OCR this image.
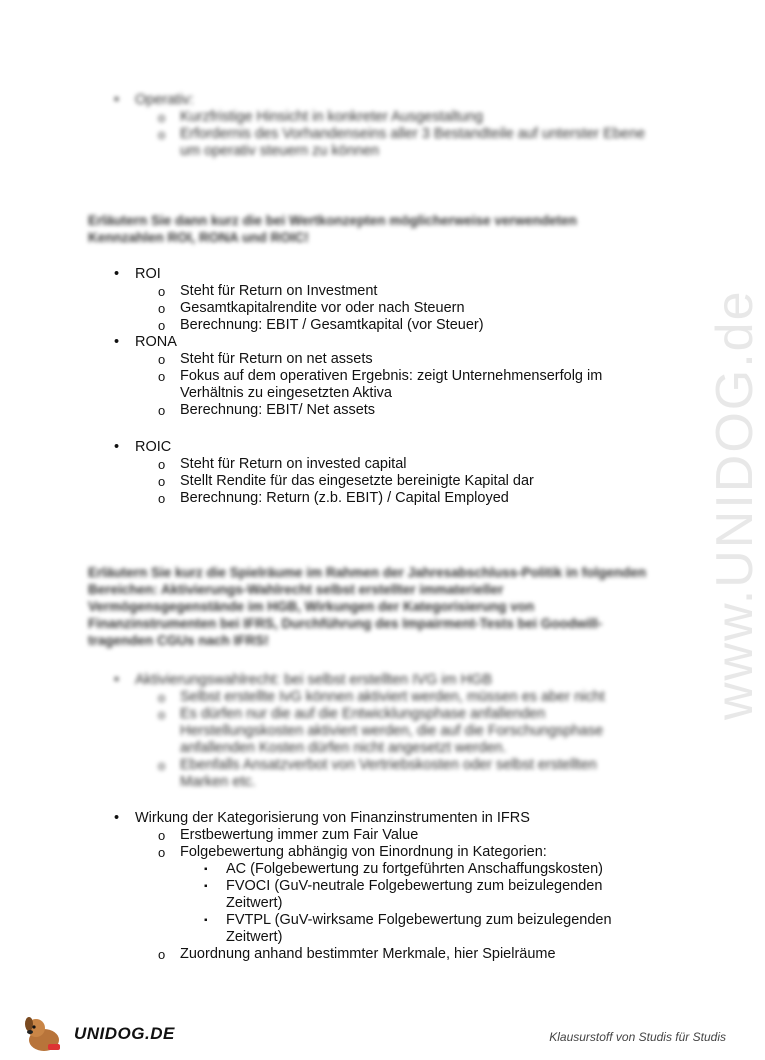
• Operativ:
o Kurzfristige Hinsicht in konkreter Ausgestaltung
o Erfordernis des Vorhandenseins aller 3 Bestandteile auf unterster Ebene um operativ steuern zu können
Erläutern Sie dann kurz die bei Wertkonzepten möglicherweise verwendeten Kennzahlen ROI, RONA und ROIC!
• ROI
o Steht für Return on Investment
o Gesamtkapitalrendite vor oder nach Steuern
o Berechnung: EBIT / Gesamtkapital (vor Steuer)
• RONA
o Steht für Return on net assets
o Fokus auf dem operativen Ergebnis: zeigt Unternehmenserfolg im Verhältnis zu eingesetzten Aktiva
o Berechnung: EBIT/ Net assets
• ROIC
o Steht für Return on invested capital
o Stellt Rendite für das eingesetzte bereinigte Kapital dar
o Berechnung: Return (z.b. EBIT) / Capital Employed
Erläutern Sie kurz die Spielräume im Rahmen der Jahresabschluss-Politik in folgenden Bereichen: Aktivierungs-Wahlrecht selbst erstellter immaterieller Vermögensgegenstände im HGB, Wirkungen der Kategorisierung von Finanzinstrumenten bei IFRS, Durchführung des Impairment-Tests bei Goodwill-tragenden CGUs nach IFRS!
• Aktivierungswahlrecht: bei selbst erstellten IVG im HGB
o Selbst erstellte IvG können aktiviert werden, müssen es aber nicht
o Es dürfen nur die auf die Entwicklungsphase anfallenden Herstellungskosten aktiviert werden, die auf die Forschungsphase anfallenden Kosten dürfen nicht angesetzt werden.
o Ebenfalls Ansatzverbot von Vertriebskosten oder selbst erstellten Marken etc.
• Wirkung der Kategorisierung von Finanzinstrumenten in IFRS
o Erstbewertung immer zum Fair Value
o Folgebewertung abhängig von Einordnung in Kategorien:
▪ AC (Folgebewertung zu fortgeführten Anschaffungskosten)
▪ FVOCI (GuV-neutrale Folgebewertung zum beizulegenden Zeitwert)
▪ FVTPL (GuV-wirksame Folgebewertung zum beizulegenden Zeitwert)
o Zuordnung anhand bestimmter Merkmale, hier Spielräume
www.UNIDOG.de
UNIDOG.DE	Klausurstoff von Studis für Studis
